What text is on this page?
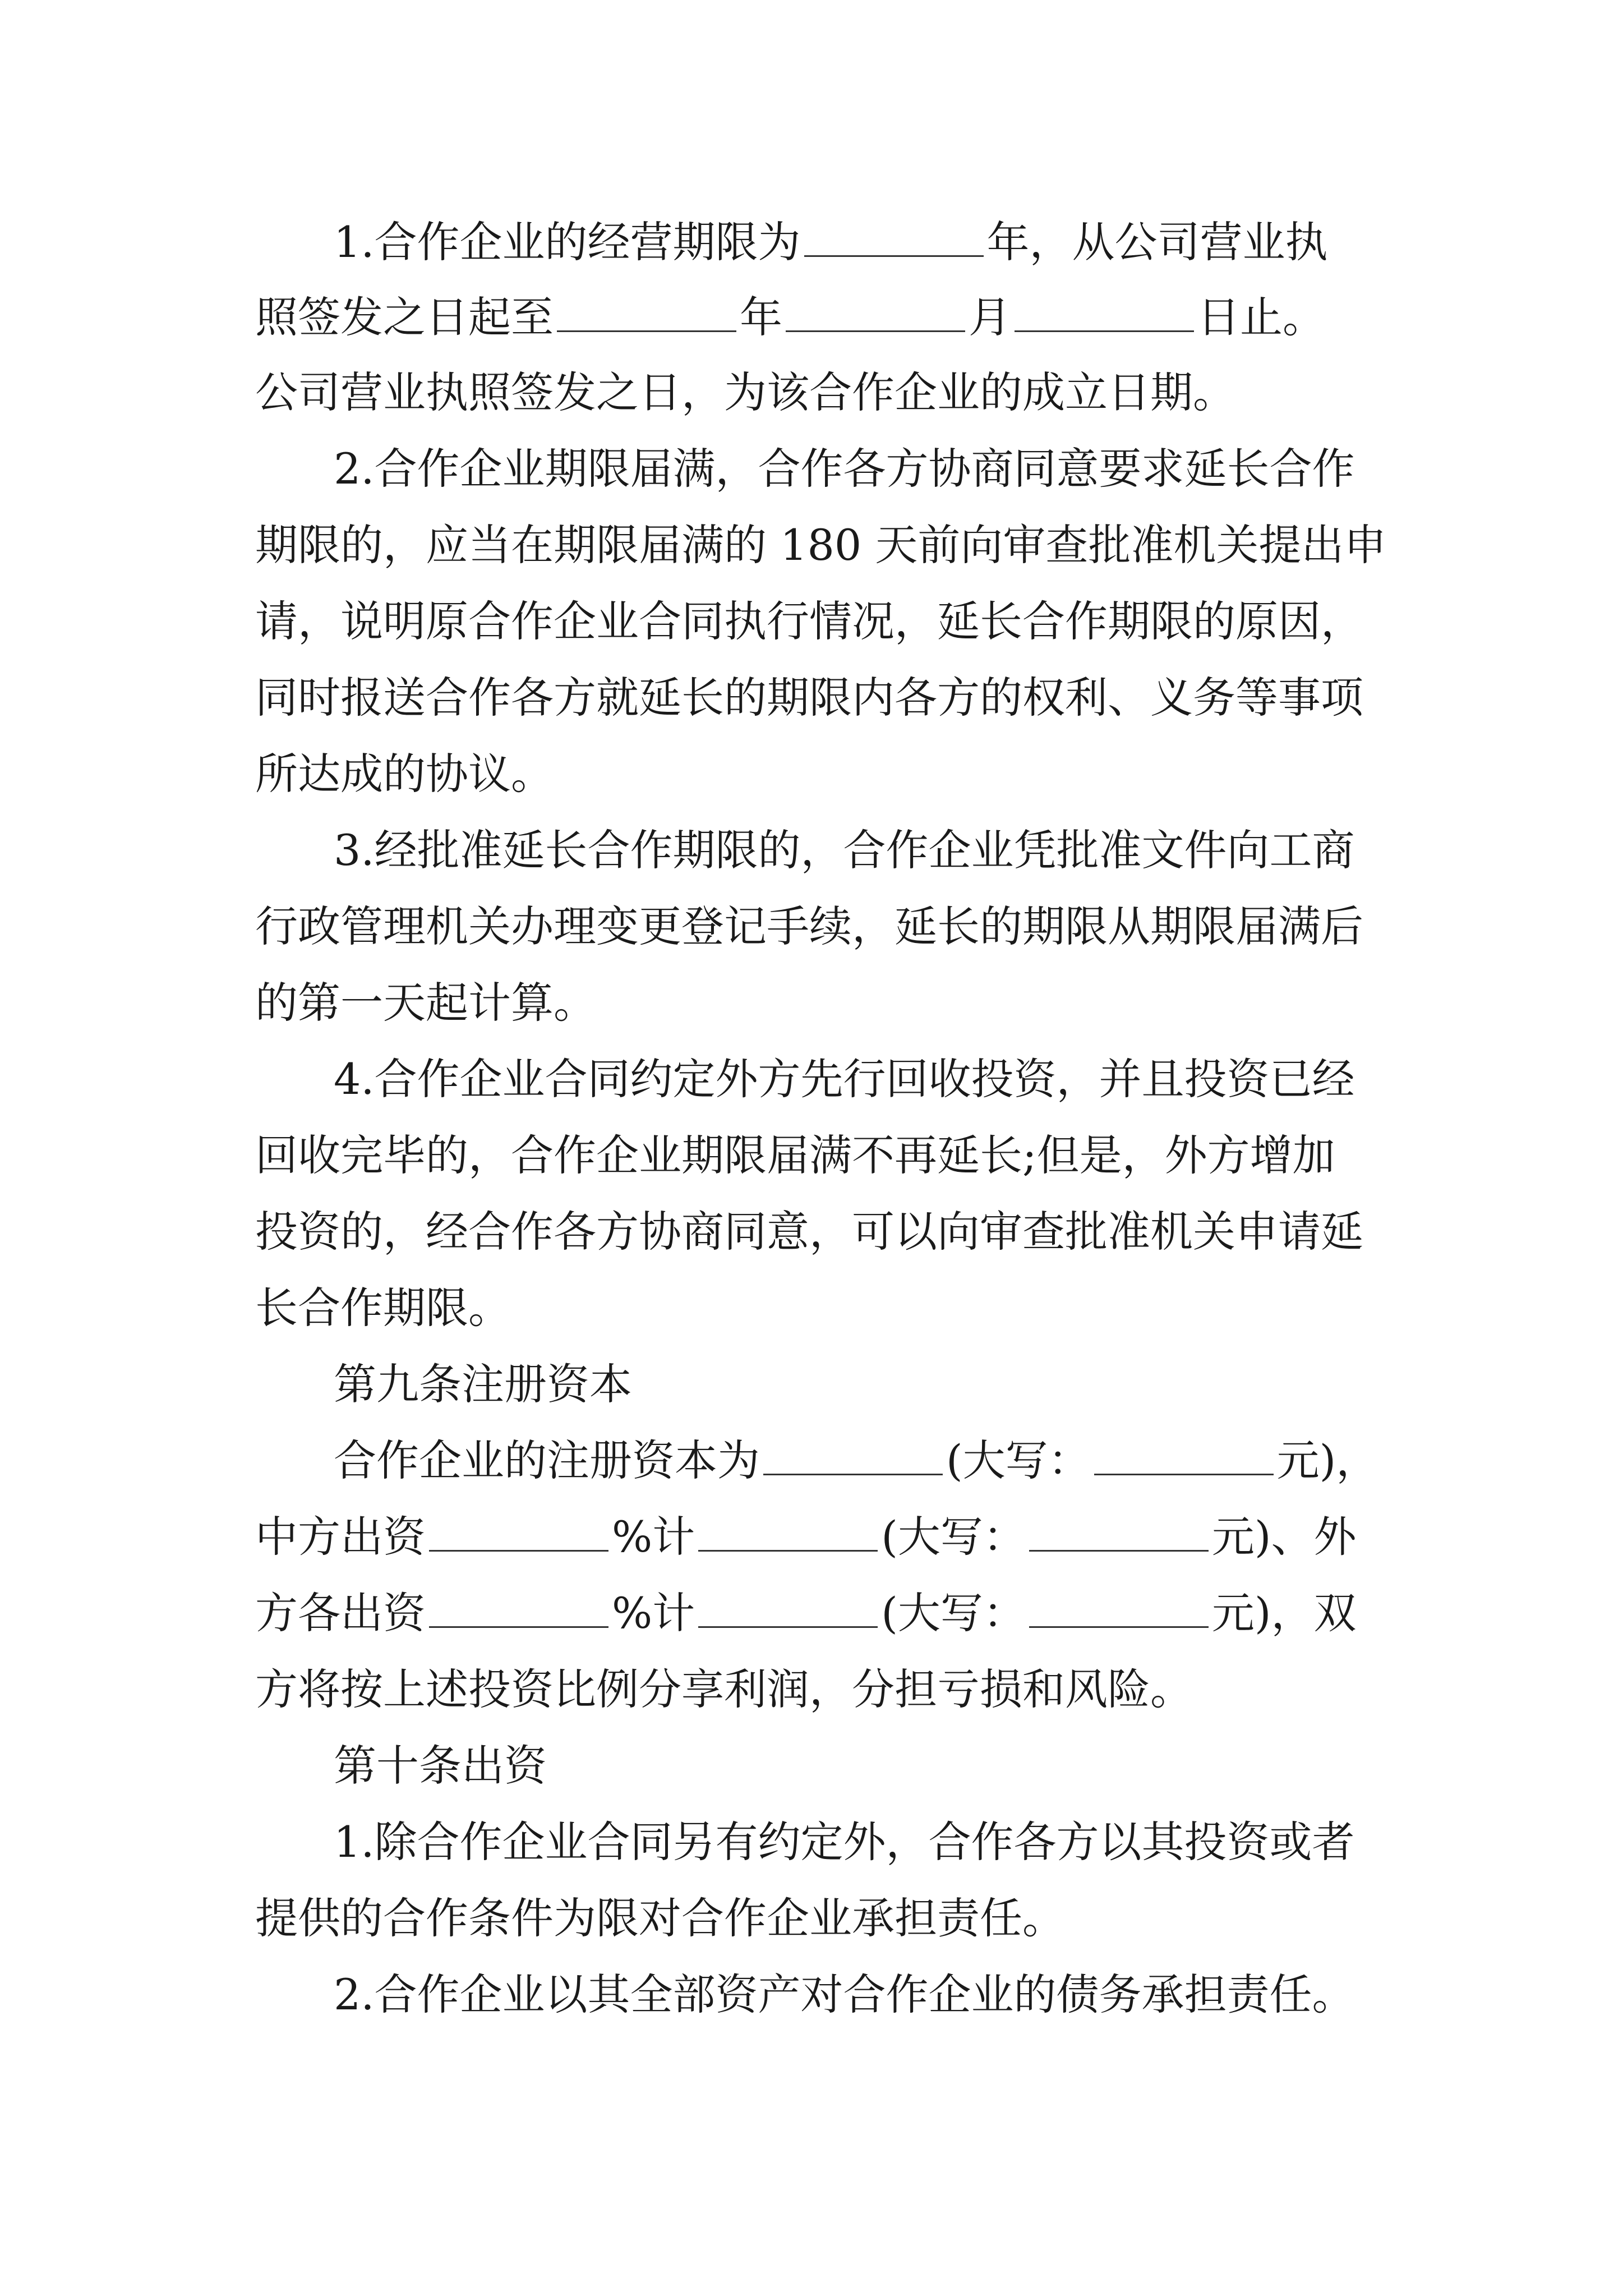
1.合作企业的经营期限为	年，从公司营业执
照签发之日起至	年	月	日止。
公司营业执照签发之日，为该合作企业的成立日期。
2.合作企业期限届满，合作各方协商同意要求延长合作
期限的，应当在期限届满的 180 天前向审查批准机关提出申
请，说明原合作企业合同执行情况，延长合作期限的原因，
同时报送合作各方就延长的期限内各方的权利、义务等事项
所达成的协议。
3.经批准延长合作期限的，合作企业凭批准文件向工商
行政管理机关办理变更登记手续，延长的期限从期限届满后
的第一天起计算。
4.合作企业合同约定外方先行回收投资，并且投资已经
回收完毕的，合作企业期限届满不再延长;但是，外方增加
投资的，经合作各方协商同意，可以向审查批准机关申请延
长合作期限。
第九条注册资本
合作企业的注册资本为	(大写：	元)，
中方出资	%计	(大写：	元)、外
方各出资	%计	(大写：	元)，双
方将按上述投资比例分享利润，分担亏损和风险。
第十条出资
1.除合作企业合同另有约定外，合作各方以其投资或者
提供的合作条件为限对合作企业承担责任。
2.合作企业以其全部资产对合作企业的债务承担责任。
